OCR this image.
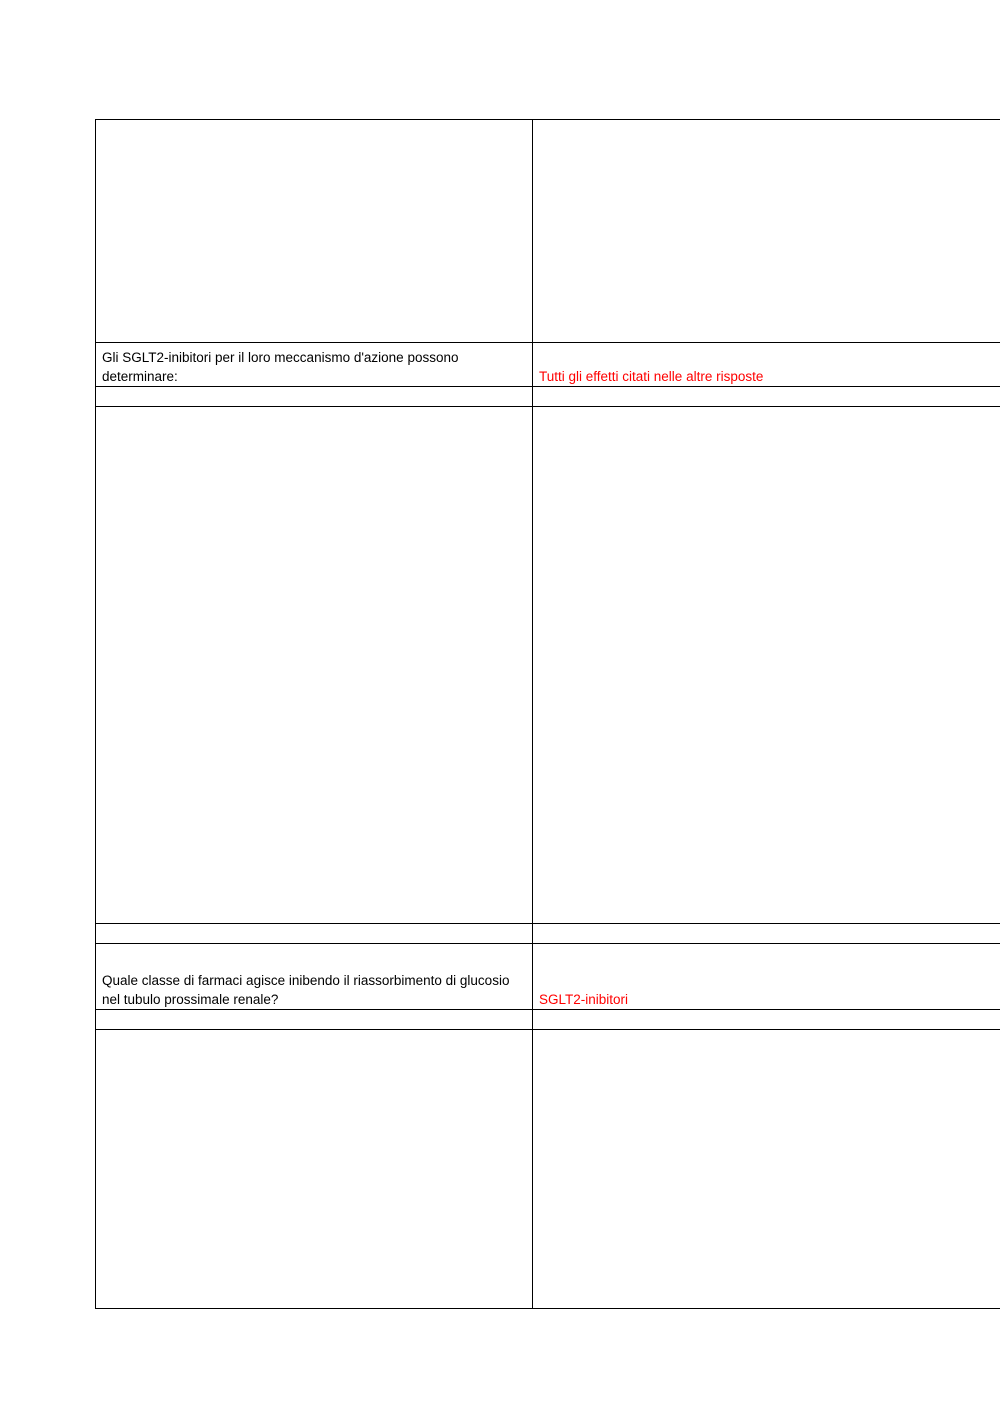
Gli SGLT2-inibitori per il loro meccanismo d'azione possono determinare:	Tutti gli effetti citati nelle altre risposte

Quale classe di farmaci agisce inibendo il riassorbimento di glucosio nel tubulo prossimale renale?	SGLT2-inibitori
